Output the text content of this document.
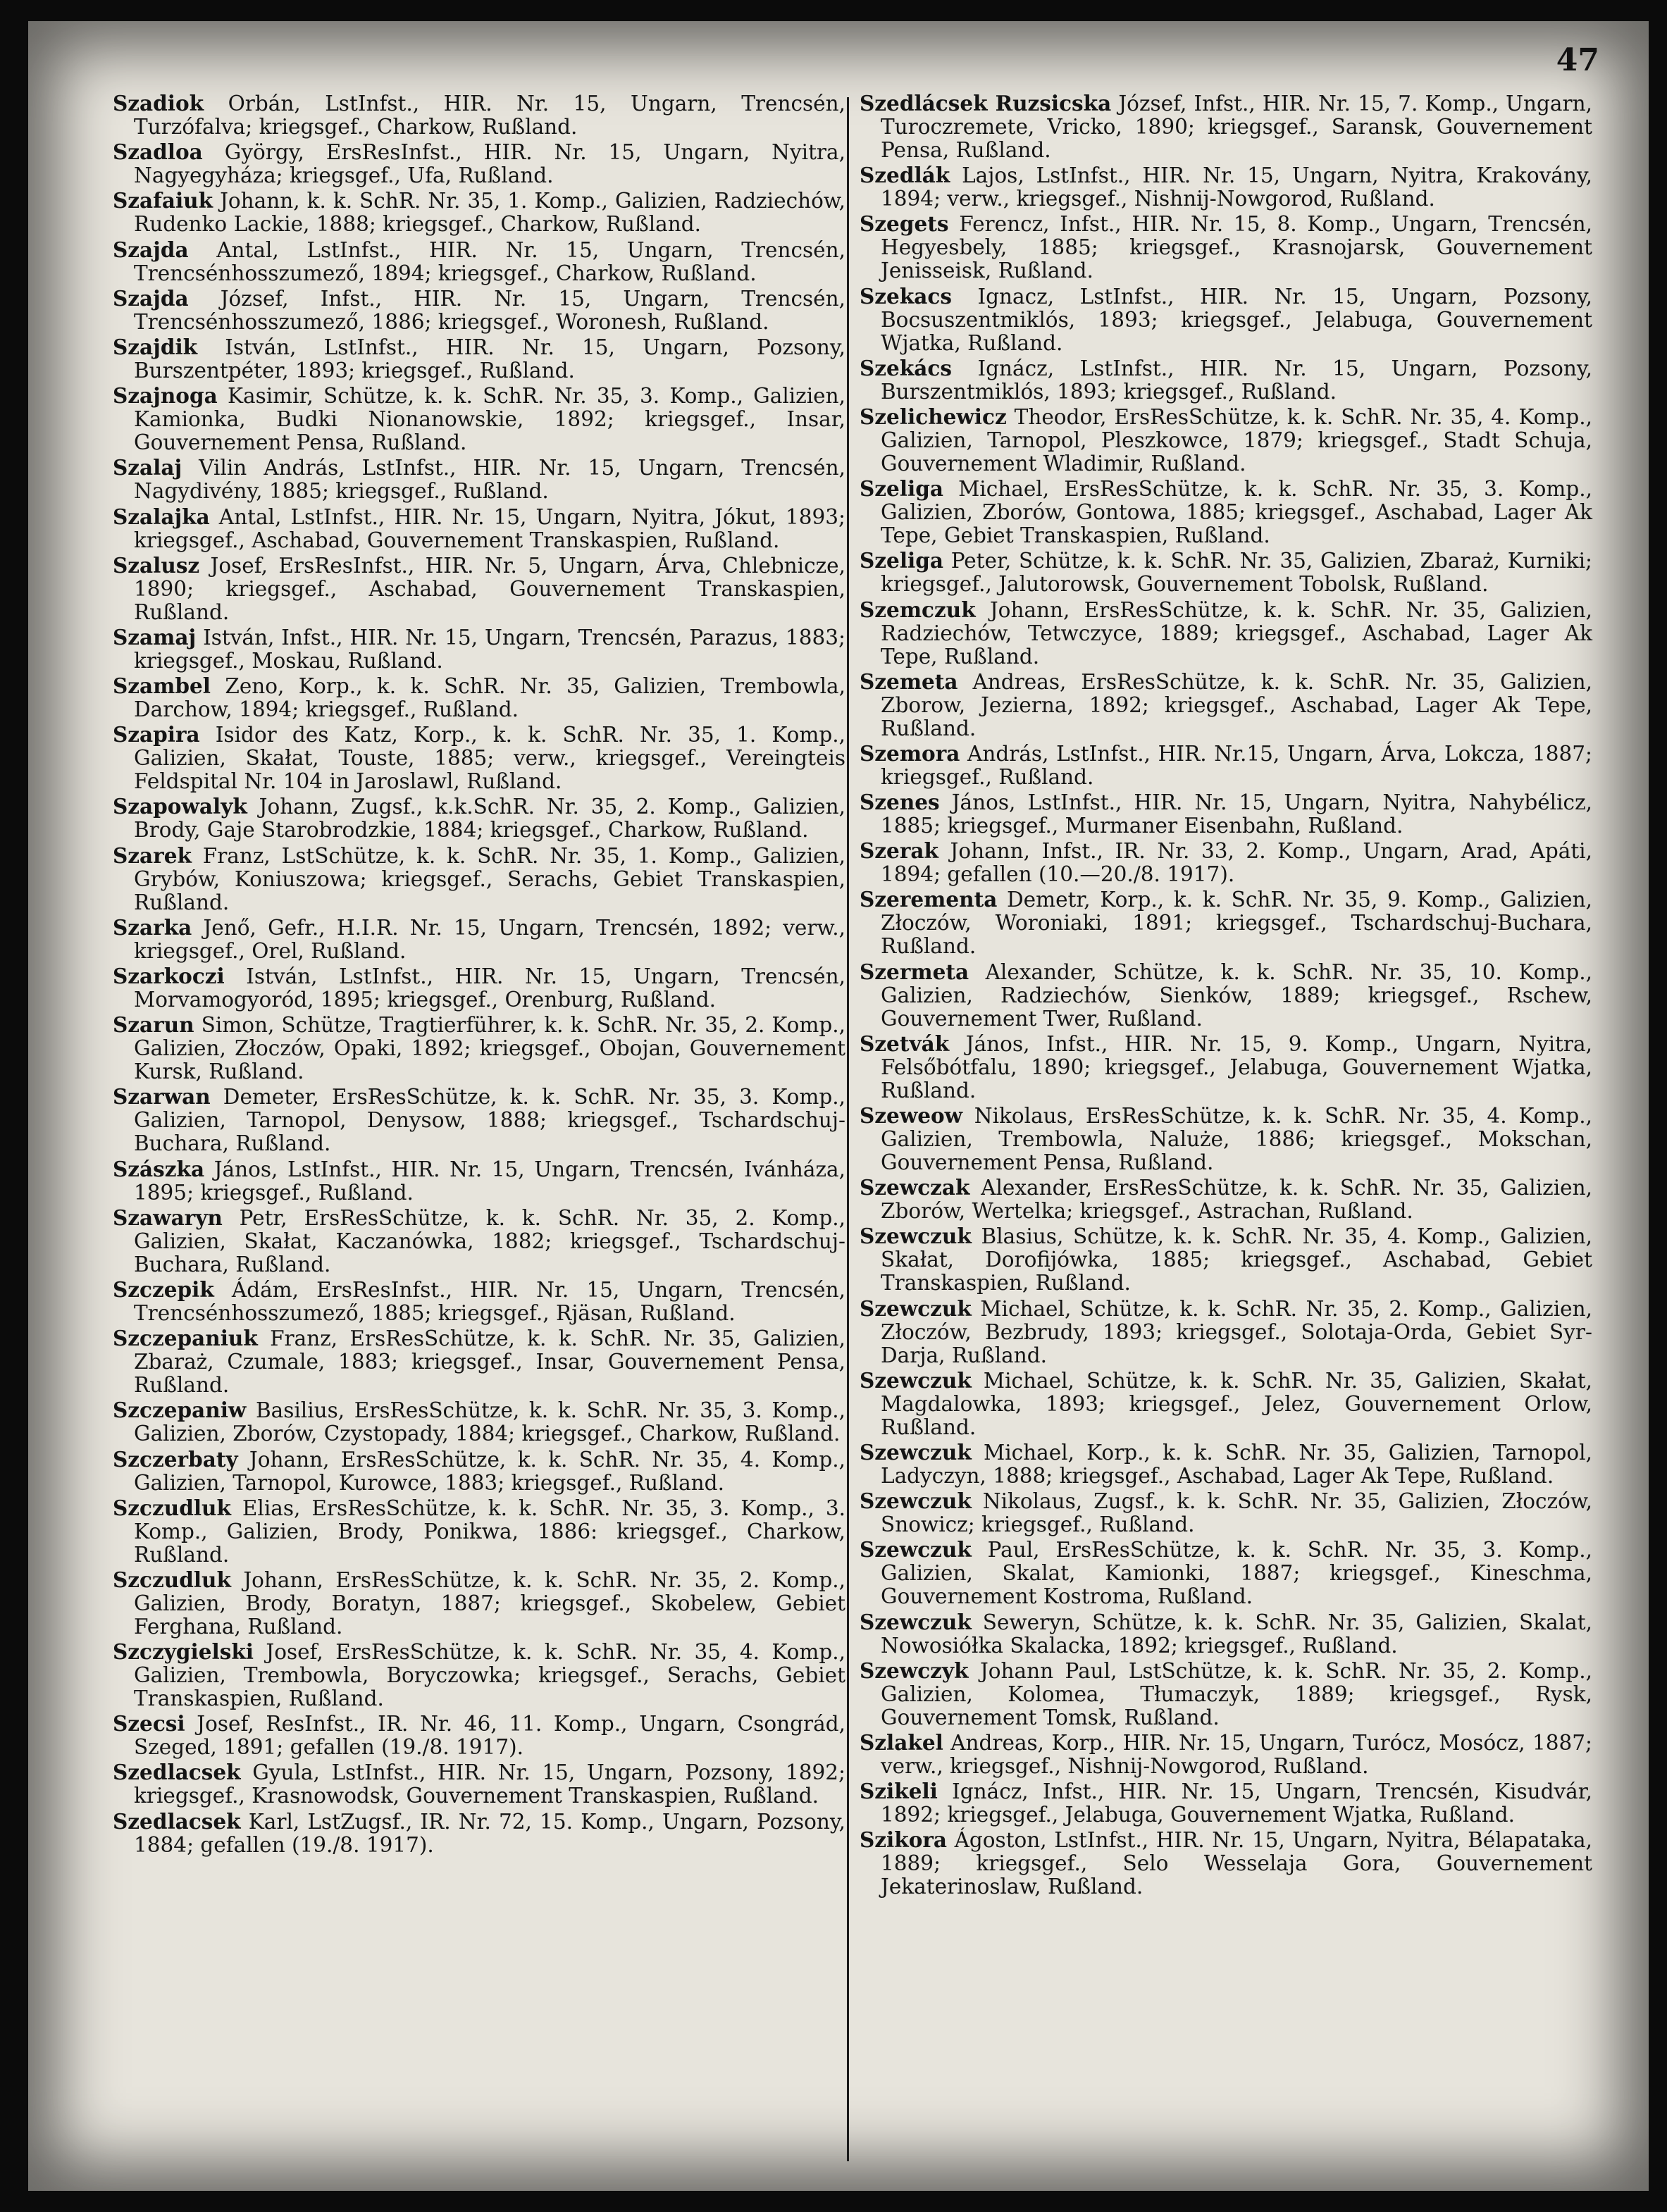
47

Szadiok Orbán, LstInfst., HIR. Nr. 15, Ungarn, Trencsén, Turzófalva; kriegsgef., Charkow, Rußland.

Szadloa György, ErsResInfst., HIR. Nr. 15, Ungarn, Nyitra, Nagyegyháza; kriegsgef., Ufa, Rußland.

Szafaiuk Johann, k. k. SchR. Nr. 35, 1. Komp., Galizien, Radziechów, Rudenko Lackie, 1888; kriegsgef., Charkow, Rußland.

Szajda Antal, LstInfst., HIR. Nr. 15, Ungarn, Trencsén, Trencsénhosszumező, 1894; kriegsgef., Charkow, Rußland.

Szajda József, Infst., HIR. Nr. 15, Ungarn, Trencsén, Trencsénhosszumező, 1886; kriegsgef., Woronesh, Rußland.

Szajdik István, LstInfst., HIR. Nr. 15, Ungarn, Pozsony, Burszentpéter, 1893; kriegsgef., Rußland.

Szajnoga Kasimir, Schütze, k. k. SchR. Nr. 35, 3. Komp., Galizien, Kamionka, Budki Nionanowskie, 1892; kriegsgef., Insar, Gouvernement Pensa, Rußland.

Szalaj Vilin András, LstInfst., HIR. Nr. 15, Ungarn, Trencsén, Nagydivény, 1885; kriegsgef., Rußland.

Szalajka Antal, LstInfst., HIR. Nr. 15, Ungarn, Nyitra, Jókut, 1893; kriegsgef., Aschabad, Gouvernement Transkaspien, Rußland.

Szalusz Josef, ErsResInfst., HIR. Nr. 5, Ungarn, Árva, Chlebnicze, 1890; kriegsgef., Aschabad, Gouvernement Transkaspien, Rußland.

Szamaj István, Infst., HIR. Nr. 15, Ungarn, Trencsén, Parazus, 1883; kriegsgef., Moskau, Rußland.

Szambel Zeno, Korp., k. k. SchR. Nr. 35, Galizien, Trembowla, Darchow, 1894; kriegsgef., Rußland.

Szapira Isidor des Katz, Korp., k. k. SchR. Nr. 35, 1. Komp., Galizien, Skałat, Touste, 1885; verw., kriegsgef., Vereingteis Feldspital Nr. 104 in Jaroslawl, Rußland.

Szapowalyk Johann, Zugsf., k.k.SchR. Nr. 35, 2. Komp., Galizien, Brody, Gaje Starobrodzkie, 1884; kriegsgef., Charkow, Rußland.

Szarek Franz, LstSchütze, k. k. SchR. Nr. 35, 1. Komp., Galizien, Grybów, Koniuszowa; kriegsgef., Serachs, Gebiet Transkaspien, Rußland.

Szarka Jenő, Gefr., H.I.R. Nr. 15, Ungarn, Trencsén, 1892; verw., kriegsgef., Orel, Rußland.

Szarkoczi István, LstInfst., HIR. Nr. 15, Ungarn, Trencsén, Morvamogyoród, 1895; kriegsgef., Orenburg, Rußland.

Szarun Simon, Schütze, Tragtierführer, k. k. SchR. Nr. 35, 2. Komp., Galizien, Złoczów, Opaki, 1892; kriegsgef., Obojan, Gouvernement Kursk, Rußland.

Szarwan Demeter, ErsResSchütze, k. k. SchR. Nr. 35, 3. Komp., Galizien, Tarnopol, Denysow, 1888; kriegsgef., Tschardschuj-Buchara, Rußland.

Szászka János, LstInfst., HIR. Nr. 15, Ungarn, Trencsén, Ivánháza, 1895; kriegsgef., Rußland.

Szawaryn Petr, ErsResSchütze, k. k. SchR. Nr. 35, 2. Komp., Galizien, Skałat, Kaczanówka, 1882; kriegsgef., Tschardschuj-Buchara, Rußland.

Szczepik Ádám, ErsResInfst., HIR. Nr. 15, Ungarn, Trencsén, Trencsénhosszumező, 1885; kriegsgef., Rjäsan, Rußland.

Szczepaniuk Franz, ErsResSchütze, k. k. SchR. Nr. 35, Galizien, Zbaraż, Czumale, 1883; kriegsgef., Insar, Gouvernement Pensa, Rußland.

Szczepaniw Basilius, ErsResSchütze, k. k. SchR. Nr. 35, 3. Komp., Galizien, Zborów, Czystopady, 1884; kriegsgef., Charkow, Rußland.

Szczerbaty Johann, ErsResSchütze, k. k. SchR. Nr. 35, 4. Komp., Galizien, Tarnopol, Kurowce, 1883; kriegsgef., Rußland.

Szczudluk Elias, ErsResSchütze, k. k. SchR. Nr. 35, 3. Komp., 3. Komp., Galizien, Brody, Ponikwa, 1886: kriegsgef., Charkow, Rußland.

Szczudluk Johann, ErsResSchütze, k. k. SchR. Nr. 35, 2. Komp., Galizien, Brody, Boratyn, 1887; kriegsgef., Skobelew, Gebiet Ferghana, Rußland.

Szczygielski Josef, ErsResSchütze, k. k. SchR. Nr. 35, 4. Komp., Galizien, Trembowla, Boryczowka; kriegsgef., Serachs, Gebiet Transkaspien, Rußland.

Szecsi Josef, ResInfst., IR. Nr. 46, 11. Komp., Ungarn, Csongrád, Szeged, 1891; gefallen (19./8. 1917).

Szedlacsek Gyula, LstInfst., HIR. Nr. 15, Ungarn, Pozsony, 1892; kriegsgef., Krasnowodsk, Gouvernement Transkaspien, Rußland.

Szedlacsek Karl, LstZugsf., IR. Nr. 72, 15. Komp., Ungarn, Pozsony, 1884; gefallen (19./8. 1917).

Szedlácsek Ruzsicska József, Infst., HIR. Nr. 15, 7. Komp., Ungarn, Turoczremete, Vricko, 1890; kriegsgef., Saransk, Gouvernement Pensa, Rußland.

Szedlák Lajos, LstInfst., HIR. Nr. 15, Ungarn, Nyitra, Krakovány, 1894; verw., kriegsgef., Nishnij-Nowgorod, Rußland.

Szegets Ferencz, Infst., HIR. Nr. 15, 8. Komp., Ungarn, Trencsén, Hegyesbely, 1885; kriegsgef., Krasnojarsk, Gouvernement Jenisseisk, Rußland.

Szekacs Ignacz, LstInfst., HIR. Nr. 15, Ungarn, Pozsony, Bocsuszentmiklós, 1893; kriegsgef., Jelabuga, Gouvernement Wjatka, Rußland.

Szekács Ignácz, LstInfst., HIR. Nr. 15, Ungarn, Pozsony, Burszentmiklós, 1893; kriegsgef., Rußland.

Szelichewicz Theodor, ErsResSchütze, k. k. SchR. Nr. 35, 4. Komp., Galizien, Tarnopol, Pleszkowce, 1879; kriegsgef., Stadt Schuja, Gouvernement Wladimir, Rußland.

Szeliga Michael, ErsResSchütze, k. k. SchR. Nr. 35, 3. Komp., Galizien, Zborów, Gontowa, 1885; kriegsgef., Aschabad, Lager Ak Tepe, Gebiet Transkaspien, Rußland.

Szeliga Peter, Schütze, k. k. SchR. Nr. 35, Galizien, Zbaraż, Kurniki; kriegsgef., Jalutorowsk, Gouvernement Tobolsk, Rußland.

Szemczuk Johann, ErsResSchütze, k. k. SchR. Nr. 35, Galizien, Radziechów, Tetwczyce, 1889; kriegsgef., Aschabad, Lager Ak Tepe, Rußland.

Szemeta Andreas, ErsResSchütze, k. k. SchR. Nr. 35, Galizien, Zborow, Jezierna, 1892; kriegsgef., Aschabad, Lager Ak Tepe, Rußland.

Szemora András, LstInfst., HIR. Nr.15, Ungarn, Árva, Lokcza, 1887; kriegsgef., Rußland.

Szenes János, LstInfst., HIR. Nr. 15, Ungarn, Nyitra, Nahybélicz, 1885; kriegsgef., Murmaner Eisenbahn, Rußland.

Szerak Johann, Infst., IR. Nr. 33, 2. Komp., Ungarn, Arad, Apáti, 1894; gefallen (10.—20./8. 1917).

Szerementa Demetr, Korp., k. k. SchR. Nr. 35, 9. Komp., Galizien, Złoczów, Woroniaki, 1891; kriegsgef., Tschardschuj-Buchara, Rußland.

Szermeta Alexander, Schütze, k. k. SchR. Nr. 35, 10. Komp., Galizien, Radziechów, Sienków, 1889; kriegsgef., Rschew, Gouvernement Twer, Rußland.

Szetvák János, Infst., HIR. Nr. 15, 9. Komp., Ungarn, Nyitra, Felsőbótfalu, 1890; kriegsgef., Jelabuga, Gouvernement Wjatka, Rußland.

Szeweow Nikolaus, ErsResSchütze, k. k. SchR. Nr. 35, 4. Komp., Galizien, Trembowla, Nalużе, 1886; kriegsgef., Mokschan, Gouvernement Pensa, Rußland.

Szewczak Alexander, ErsResSchütze, k. k. SchR. Nr. 35, Galizien, Zborów, Wertelka; kriegsgef., Astrachan, Rußland.

Szewczuk Blasius, Schütze, k. k. SchR. Nr. 35, 4. Komp., Galizien, Skałat, Dorofijówka, 1885; kriegsgef., Aschabad, Gebiet Transkaspien, Rußland.

Szewczuk Michael, Schütze, k. k. SchR. Nr. 35, 2. Komp., Galizien, Złoczów, Bezbrudy, 1893; kriegsgef., Solotaja-Orda, Gebiet Syr-Darja, Rußland.

Szewczuk Michael, Schütze, k. k. SchR. Nr. 35, Galizien, Skałat, Magdalowka, 1893; kriegsgef., Jelez, Gouvernement Orlow, Rußland.

Szewczuk Michael, Korp., k. k. SchR. Nr. 35, Galizien, Tarnopol, Ladyczyn, 1888; kriegsgef., Aschabad, Lager Ak Tepe, Rußland.

Szewczuk Nikolaus, Zugsf., k. k. SchR. Nr. 35, Galizien, Złoczów, Snowicz; kriegsgef., Rußland.

Szewczuk Paul, ErsResSchütze, k. k. SchR. Nr. 35, 3. Komp., Galizien, Skalat, Kamionki, 1887; kriegsgef., Kineschma, Gouvernement Kostroma, Rußland.

Szewczuk Seweryn, Schütze, k. k. SchR. Nr. 35, Galizien, Skalat, Nowosiółka Skalacka, 1892; kriegsgef., Rußland.

Szewczyk Johann Paul, LstSchütze, k. k. SchR. Nr. 35, 2. Komp., Galizien, Kolomea, Tłumaczyk, 1889; kriegsgef., Rysk, Gouvernement Tomsk, Rußland.

Szlakel Andreas, Korp., HIR. Nr. 15, Ungarn, Turócz, Mosócz, 1887; verw., kriegsgef., Nishnij-Nowgorod, Rußland.

Szikeli Ignácz, Infst., HIR. Nr. 15, Ungarn, Trencsén, Kisudvár, 1892; kriegsgef., Jelabuga, Gouvernement Wjatka, Rußland.

Szikora Ágoston, LstInfst., HIR. Nr. 15, Ungarn, Nyitra, Bélapataka, 1889; kriegsgef., Selo Wesselaja Gora, Gouvernement Jekaterinoslaw, Rußland.
